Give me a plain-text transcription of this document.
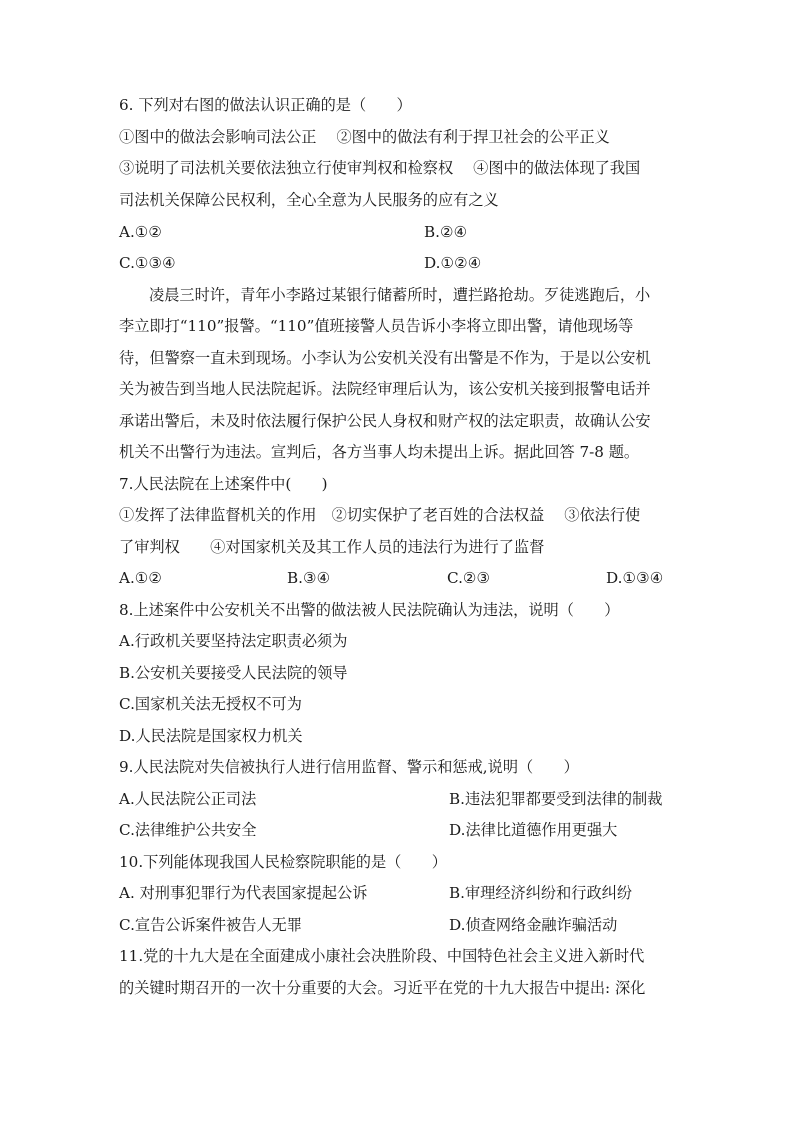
6. 下列对右图的做法认识正确的是（　　）
①图中的做法会影响司法公正　 ②图中的做法有利于捍卫社会的公平正义
③说明了司法机关要依法独立行使审判权和检察权　 ④图中的做法体现了我国
司法机关保障公民权利，全心全意为人民服务的应有之义
A.①②	B.②④
C.①③④	D.①②④
凌晨三时许，青年小李路过某银行储蓄所时，遭拦路抢劫。歹徒逃跑后，小
李立即打“110”报警。“110”值班接警人员告诉小李将立即出警，请他现场等
待，但警察一直未到现场。小李认为公安机关没有出警是不作为，于是以公安机
关为被告到当地人民法院起诉。法院经审理后认为，该公安机关接到报警电话并
承诺出警后，未及时依法履行保护公民人身权和财产权的法定职责，故确认公安
机关不出警行为违法。宣判后，各方当事人均未提出上诉。据此回答 7-8 题。
7.人民法院在上述案件中(　　)
①发挥了法律监督机关的作用　②切实保护了老百姓的合法权益　 ③依法行使
了审判权　　④对国家机关及其工作人员的违法行为进行了监督
A.①②	B.③④	C.②③	D.①③④
8.上述案件中公安机关不出警的做法被人民法院确认为违法，说明（　　）
A.行政机关要坚持法定职责必须为
B.公安机关要接受人民法院的领导
C.国家机关法无授权不可为
D.人民法院是国家权力机关
9.人民法院对失信被执行人进行信用监督、警示和惩戒,说明（　　）
A.人民法院公正司法	B.违法犯罪都要受到法律的制裁
C.法律维护公共安全	D.法律比道德作用更强大
10.下列能体现我国人民检察院职能的是（　　）
A. 对刑事犯罪行为代表国家提起公诉	B.审理经济纠纷和行政纠纷
C.宣告公诉案件被告人无罪	D.侦查网络金融诈骗活动
11.党的十九大是在全面建成小康社会决胜阶段、中国特色社会主义进入新时代
的关键时期召开的一次十分重要的大会。习近平在党的十九大报告中提出: 深化
